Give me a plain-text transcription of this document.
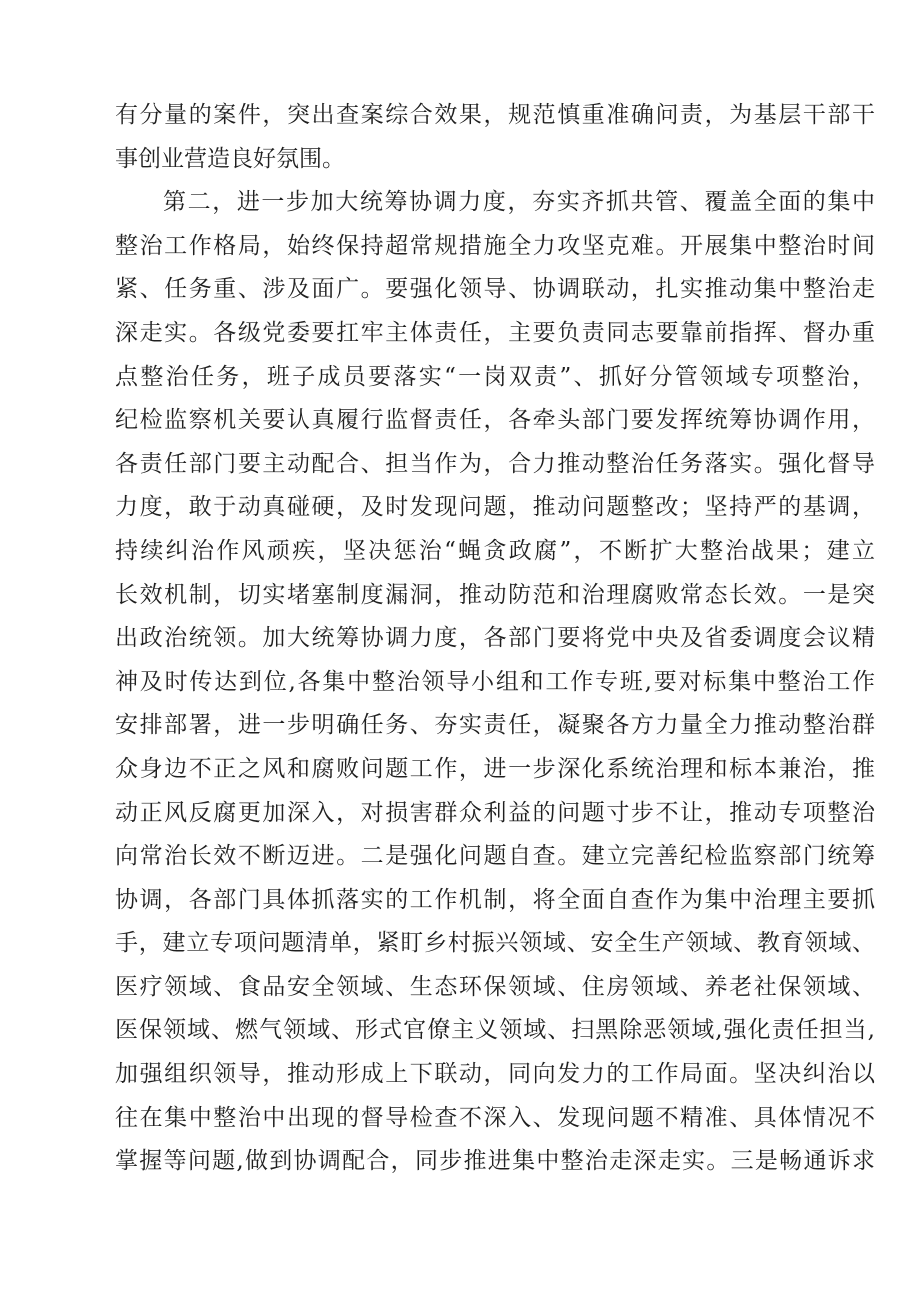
有分量的案件，突出查案综合效果，规范慎重准确问责，为基层干部干
事创业营造良好氛围。
第二，进一步加大统筹协调力度，夯实齐抓共管、覆盖全面的集中
整治工作格局，始终保持超常规措施全力攻坚克难。开展集中整治时间
紧、任务重、涉及面广。要强化领导、协调联动，扎实推动集中整治走
深走实。各级党委要扛牢主体责任，主要负责同志要靠前指挥、督办重
点整治任务，班子成员要落实“一岗双责”、抓好分管领域专项整治，
纪检监察机关要认真履行监督责任，各牵头部门要发挥统筹协调作用，
各责任部门要主动配合、担当作为，合力推动整治任务落实。强化督导
力度，敢于动真碰硬，及时发现问题，推动问题整改；坚持严的基调，
持续纠治作风顽疾，坚决惩治“蝇贪政腐”，不断扩大整治战果；建立
长效机制，切实堵塞制度漏洞，推动防范和治理腐败常态长效。一是突
出政治统领。加大统筹协调力度，各部门要将党中央及省委调度会议精
神及时传达到位,各集中整治领导小组和工作专班,要对标集中整治工作
安排部署，进一步明确任务、夯实责任，凝聚各方力量全力推动整治群
众身边不正之风和腐败问题工作，进一步深化系统治理和标本兼治，推
动正风反腐更加深入，对损害群众利益的问题寸步不让，推动专项整治
向常治长效不断迈进。二是强化问题自查。建立完善纪检监察部门统筹
协调，各部门具体抓落实的工作机制，将全面自查作为集中治理主要抓
手，建立专项问题清单，紧盯乡村振兴领域、安全生产领域、教育领域、
医疗领域、食品安全领域、生态环保领域、住房领域、养老社保领域、
医保领域、燃气领域、形式官僚主义领域、扫黑除恶领域,强化责任担当,
加强组织领导，推动形成上下联动，同向发力的工作局面。坚决纠治以
往在集中整治中出现的督导检查不深入、发现问题不精准、具体情况不
掌握等问题,做到协调配合，同步推进集中整治走深走实。三是畅通诉求
